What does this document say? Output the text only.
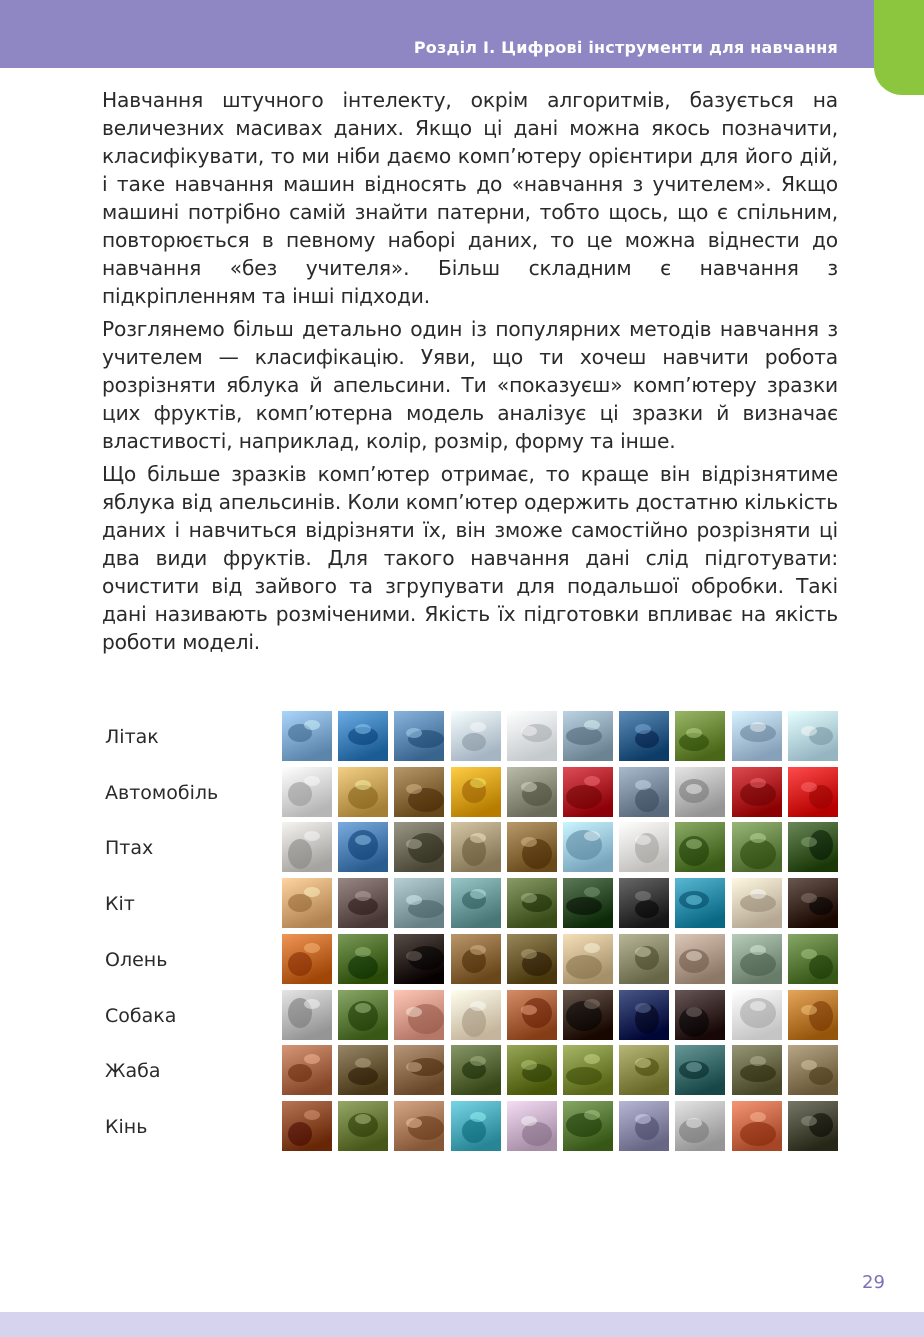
Розділ І. Цифрові інструменти для навчання

Навчання штучного інтелекту, окрім алгоритмів, базується на величезних масивах даних. Якщо ці дані можна якось позначити, класифікувати, то ми ніби даємо комп’ютеру орієнтири для його дій, і таке навчання машин відносять до «навчання з учителем». Якщо машині потрібно самій знайти патерни, тобто щось, що є спільним, повторюється в певному наборі даних, то це можна віднести до навчання «без учителя». Більш складним є навчання з підкріпленням та інші підходи.

Розглянемо більш детально один із популярних методів навчання з учителем — класифікацію. Уяви, що ти хочеш навчити робота розрізняти яблука й апельсини. Ти «показуєш» комп’ютеру зразки цих фруктів, комп’ютерна модель аналізує ці зразки й визначає властивості, наприклад, колір, розмір, форму та інше.

Що більше зразків комп’ютер отримає, то краще він відрізнятиме яблука від апельсинів. Коли комп’ютер одержить достатню кількість даних і навчиться відрізняти їх, він зможе самостійно розрізняти ці два види фруктів. Для такого навчання дані слід підготувати: очистити від зайвого та згрупувати для подальшої обробки. Такі дані називають розміченими. Якість їх підготовки впливає на якість роботи моделі.

Літак
Автомобіль
Птах
Кіт
Олень
Собака
Жаба
Кінь
29
